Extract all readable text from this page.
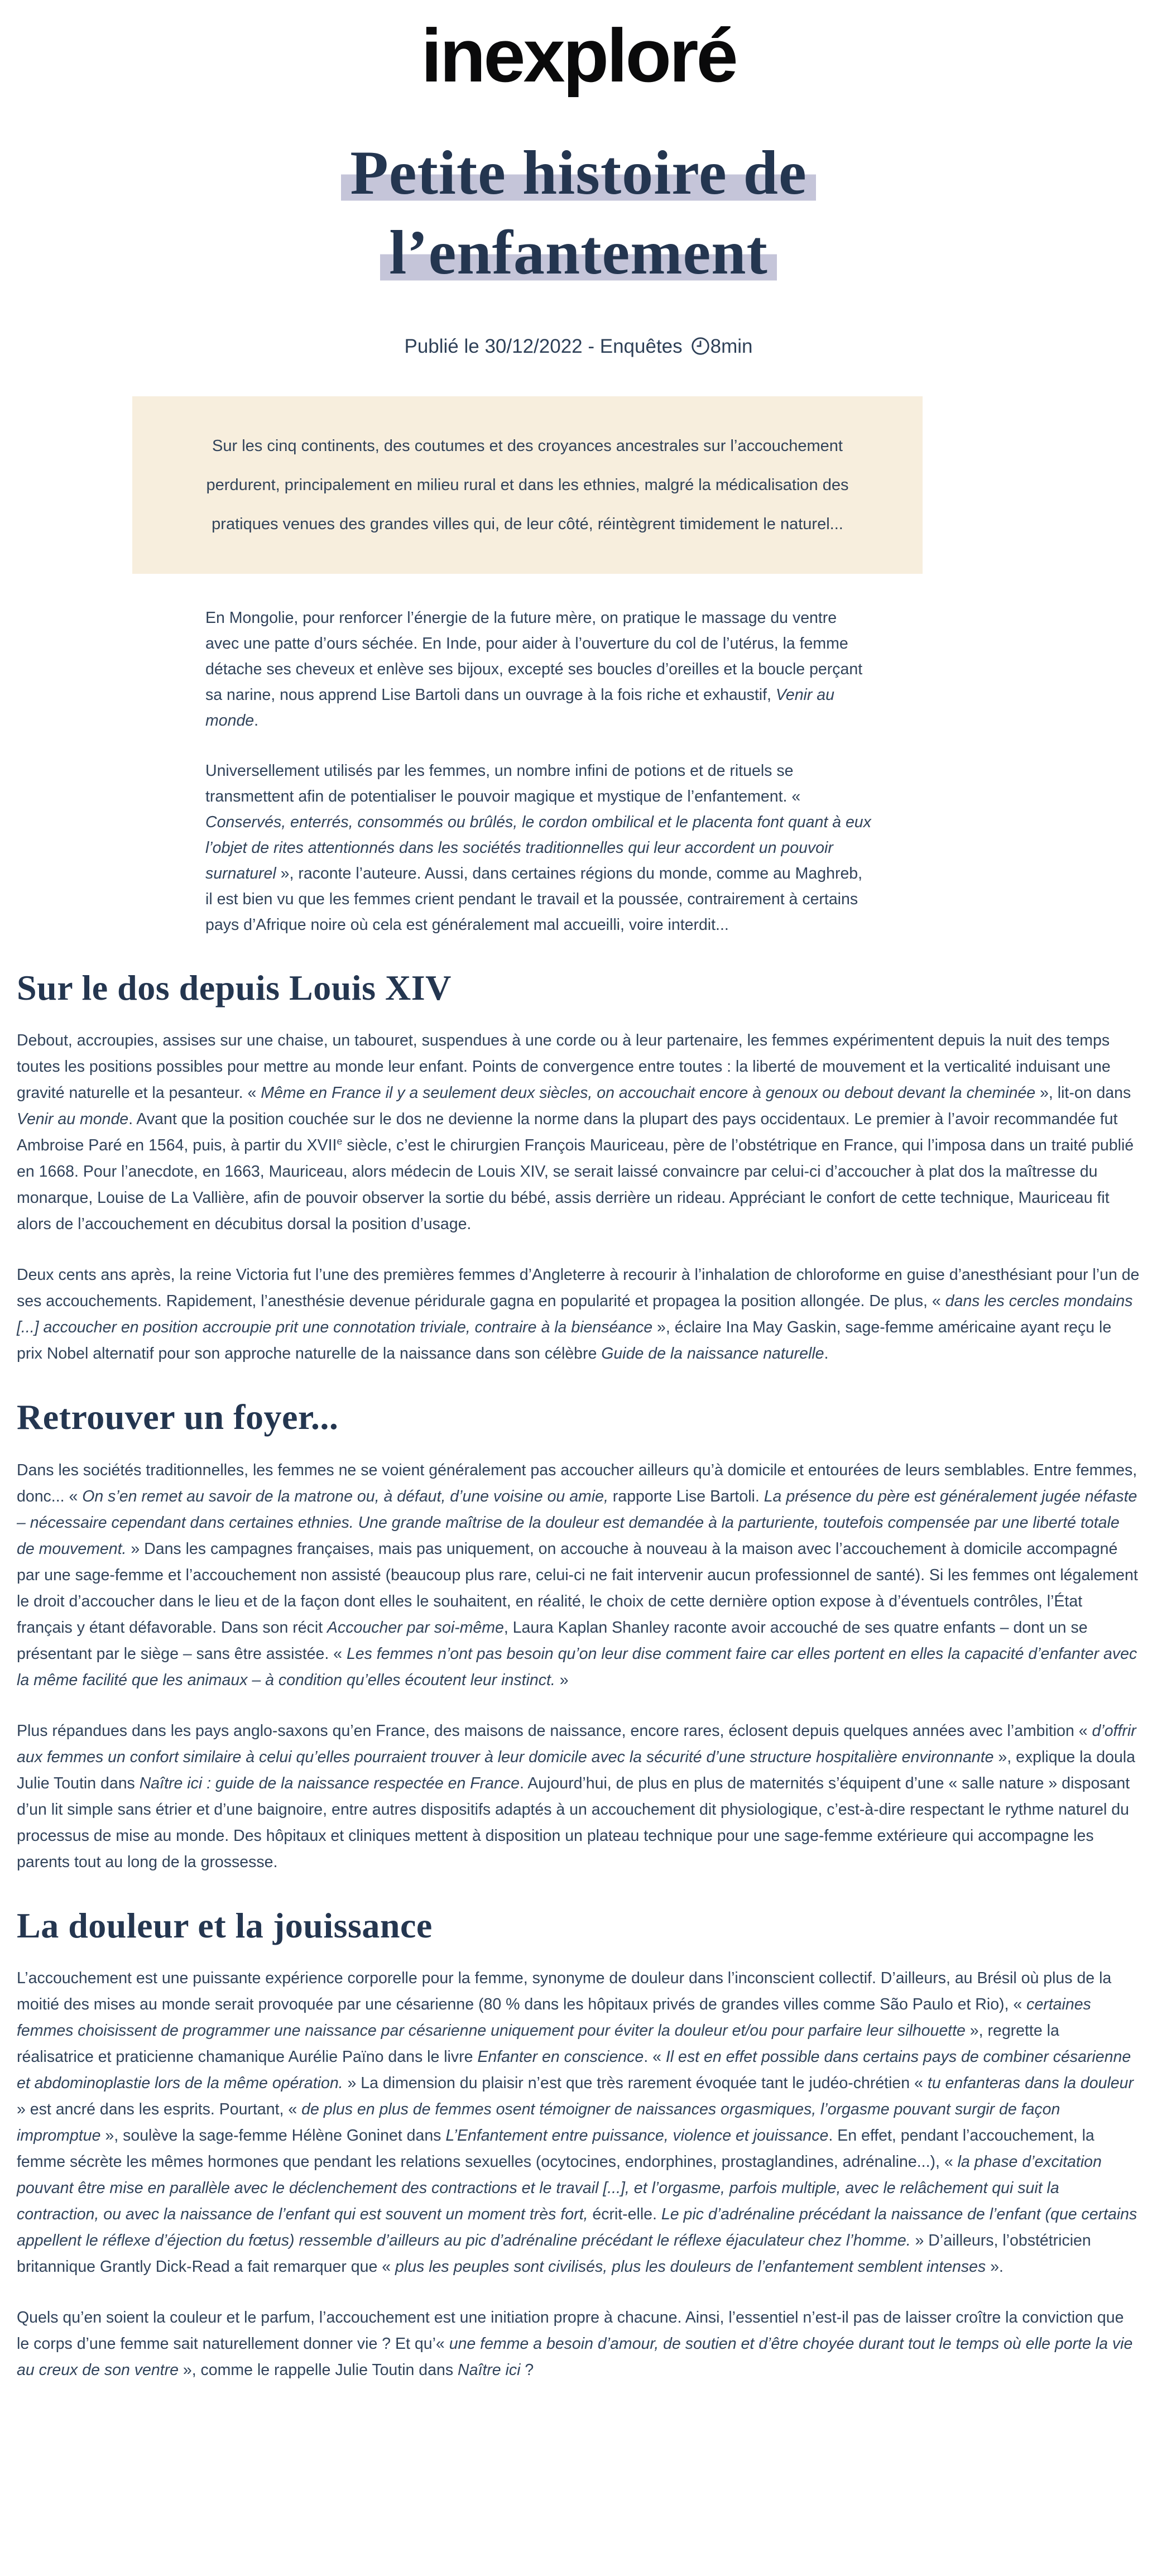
inexploré
Petite histoire de
l’enfantement
Publié le 30/12/2022 - Enquêtes 8min

Sur les cinq continents, des coutumes et des croyances ancestrales sur l’accouchement perdurent, principalement en milieu rural et dans les ethnies, malgré la médicalisation des pratiques venues des grandes villes qui, de leur côté, réintègrent timidement le naturel...

En Mongolie, pour renforcer l’énergie de la future mère, on pratique le massage du ventre avec une patte d’ours séchée. En Inde, pour aider à l’ouverture du col de l’utérus, la femme détache ses cheveux et enlève ses bijoux, excepté ses boucles d’oreilles et la boucle perçant sa narine, nous apprend Lise Bartoli dans un ouvrage à la fois riche et exhaustif, Venir au monde.

Universellement utilisés par les femmes, un nombre infini de potions et de rituels se transmettent afin de potentialiser le pouvoir magique et mystique de l’enfantement. « Conservés, enterrés, consommés ou brûlés, le cordon ombilical et le placenta font quant à eux l’objet de rites attentionnés dans les sociétés traditionnelles qui leur accordent un pouvoir surnaturel », raconte l’auteure. Aussi, dans certaines régions du monde, comme au Maghreb, il est bien vu que les femmes crient pendant le travail et la poussée, contrairement à certains pays d’Afrique noire où cela est généralement mal accueilli, voire interdit...

Sur le dos depuis Louis XIV

Debout, accroupies, assises sur une chaise, un tabouret, suspendues à une corde ou à leur partenaire, les femmes expérimentent depuis la nuit des temps toutes les positions possibles pour mettre au monde leur enfant. Points de convergence entre toutes : la liberté de mouvement et la verticalité induisant une gravité naturelle et la pesanteur. « Même en France il y a seulement deux siècles, on accouchait encore à genoux ou debout devant la cheminée », lit-on dans Venir au monde. Avant que la position couchée sur le dos ne devienne la norme dans la plupart des pays occidentaux. Le premier à l’avoir recommandée fut Ambroise Paré en 1564, puis, à partir du XVIIe siècle, c’est le chirurgien François Mauriceau, père de l’obstétrique en France, qui l’imposa dans un traité publié en 1668. Pour l’anecdote, en 1663, Mauriceau, alors médecin de Louis XIV, se serait laissé convaincre par celui-ci d’accoucher à plat dos la maîtresse du monarque, Louise de La Vallière, afin de pouvoir observer la sortie du bébé, assis derrière un rideau. Appréciant le confort de cette technique, Mauriceau fit alors de l’accouchement en décubitus dorsal la position d’usage.

Deux cents ans après, la reine Victoria fut l’une des premières femmes d’Angleterre à recourir à l’inhalation de chloroforme en guise d’anesthésiant pour l’un de ses accouchements. Rapidement, l’anesthésie devenue péridurale gagna en popularité et propagea la position allongée. De plus, « dans les cercles mondains [...] accoucher en position accroupie prit une connotation triviale, contraire à la bienséance », éclaire Ina May Gaskin, sage-femme américaine ayant reçu le prix Nobel alternatif pour son approche naturelle de la naissance dans son célèbre Guide de la naissance naturelle.

Retrouver un foyer...

Dans les sociétés traditionnelles, les femmes ne se voient généralement pas accoucher ailleurs qu’à domicile et entourées de leurs semblables. Entre femmes, donc... « On s’en remet au savoir de la matrone ou, à défaut, d’une voisine ou amie, rapporte Lise Bartoli. La présence du père est généralement jugée néfaste – nécessaire cependant dans certaines ethnies. Une grande maîtrise de la douleur est demandée à la parturiente, toutefois compensée par une liberté totale de mouvement. » Dans les campagnes françaises, mais pas uniquement, on accouche à nouveau à la maison avec l’accouchement à domicile accompagné par une sage-femme et l’accouchement non assisté (beaucoup plus rare, celui-ci ne fait intervenir aucun professionnel de santé). Si les femmes ont légalement le droit d’accoucher dans le lieu et de la façon dont elles le souhaitent, en réalité, le choix de cette dernière option expose à d’éventuels contrôles, l’État français y étant défavorable. Dans son récit Accoucher par soi-même, Laura Kaplan Shanley raconte avoir accouché de ses quatre enfants – dont un se présentant par le siège – sans être assistée. « Les femmes n’ont pas besoin qu’on leur dise comment faire car elles portent en elles la capacité d’enfanter avec la même facilité que les animaux – à condition qu’elles écoutent leur instinct. »

Plus répandues dans les pays anglo-saxons qu’en France, des maisons de naissance, encore rares, éclosent depuis quelques années avec l’ambition « d’offrir aux femmes un confort similaire à celui qu’elles pourraient trouver à leur domicile avec la sécurité d’une structure hospitalière environnante », explique la doula Julie Toutin dans Naître ici : guide de la naissance respectée en France. Aujourd’hui, de plus en plus de maternités s’équipent d’une « salle nature » disposant d’un lit simple sans étrier et d’une baignoire, entre autres dispositifs adaptés à un accouchement dit physiologique, c’est-à-dire respectant le rythme naturel du processus de mise au monde. Des hôpitaux et cliniques mettent à disposition un plateau technique pour une sage-femme extérieure qui accompagne les parents tout au long de la grossesse.

La douleur et la jouissance

L’accouchement est une puissante expérience corporelle pour la femme, synonyme de douleur dans l’inconscient collectif. D’ailleurs, au Brésil où plus de la moitié des mises au monde serait provoquée par une césarienne (80 % dans les hôpitaux privés de grandes villes comme São Paulo et Rio), « certaines femmes choisissent de programmer une naissance par césarienne uniquement pour éviter la douleur et/ou pour parfaire leur silhouette », regrette la réalisatrice et praticienne chamanique Aurélie Païno dans le livre Enfanter en conscience. « Il est en effet possible dans certains pays de combiner césarienne et abdominoplastie lors de la même opération. » La dimension du plaisir n’est que très rarement évoquée tant le judéo-chrétien « tu enfanteras dans la douleur » est ancré dans les esprits. Pourtant, « de plus en plus de femmes osent témoigner de naissances orgasmiques, l’orgasme pouvant surgir de façon impromptue », soulève la sage-femme Hélène Goninet dans L’Enfantement entre puissance, violence et jouissance. En effet, pendant l’accouchement, la femme sécrète les mêmes hormones que pendant les relations sexuelles (ocytocines, endorphines, prostaglandines, adrénaline...), « la phase d’excitation pouvant être mise en parallèle avec le déclenchement des contractions et le travail [...], et l’orgasme, parfois multiple, avec le relâchement qui suit la contraction, ou avec la naissance de l’enfant qui est souvent un moment très fort, écrit-elle. Le pic d’adrénaline précédant la naissance de l’enfant (que certains appellent le réflexe d’éjection du fœtus) ressemble d’ailleurs au pic d’adrénaline précédant le réflexe éjaculateur chez l’homme. » D’ailleurs, l’obstétricien britannique Grantly Dick-Read a fait remarquer que « plus les peuples sont civilisés, plus les douleurs de l’enfantement semblent intenses ».

Quels qu’en soient la couleur et le parfum, l’accouchement est une initiation propre à chacune. Ainsi, l’essentiel n’est-il pas de laisser croître la conviction que le corps d’une femme sait naturellement donner vie ? Et qu’« une femme a besoin d’amour, de soutien et d’être choyée durant tout le temps où elle porte la vie au creux de son ventre », comme le rappelle Julie Toutin dans Naître ici ?
